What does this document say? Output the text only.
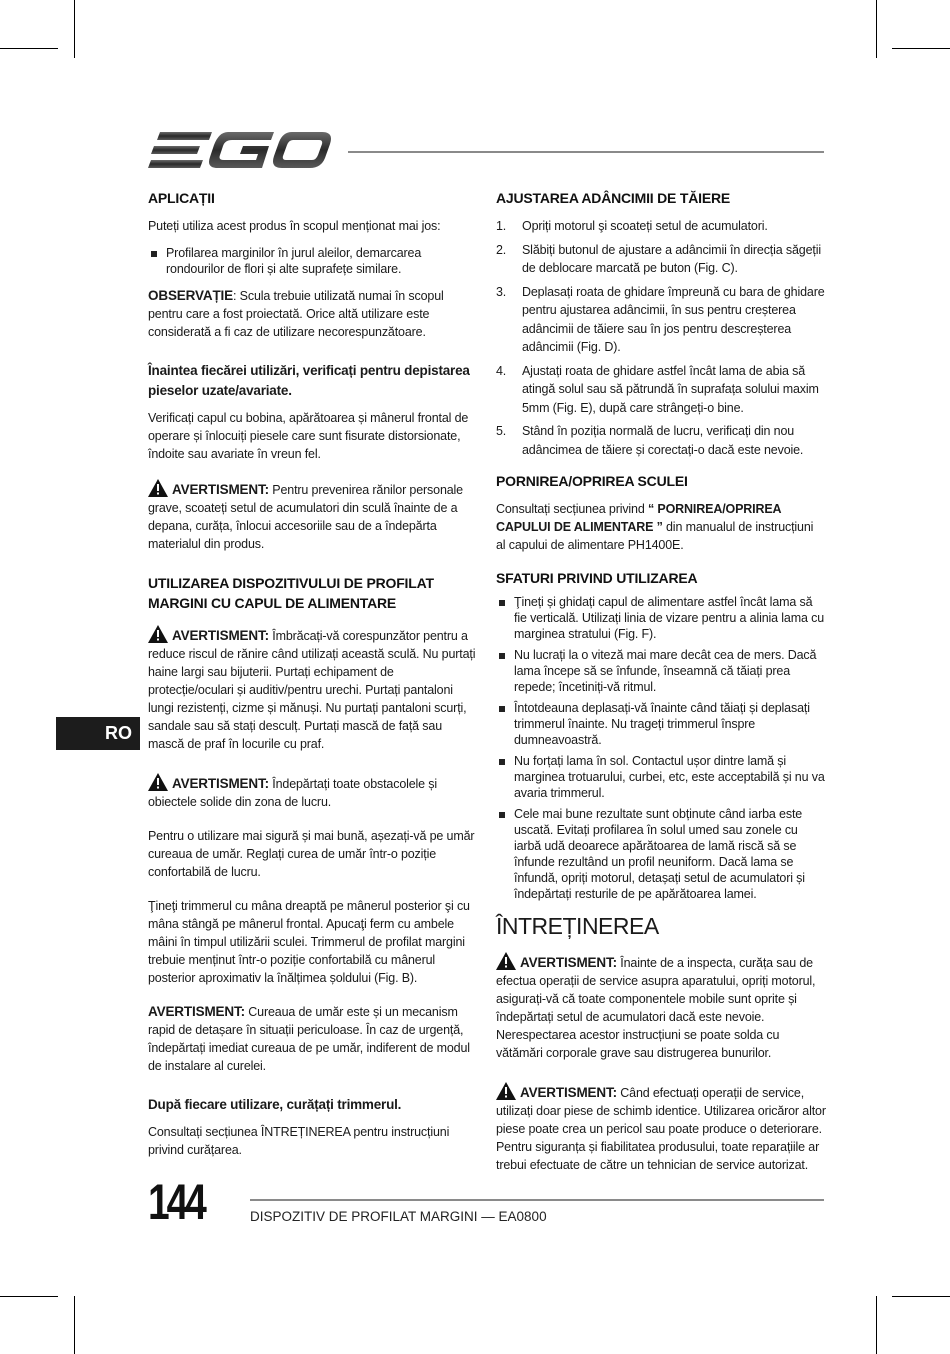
APLICAȚII

Puteți utiliza acest produs în scopul menționat mai jos:

Profilarea marginilor în jurul aleilor, demarcarea rondourilor de flori și alte suprafețe similare.

OBSERVAȚIE: Scula trebuie utilizată numai în scopul pentru care a fost proiectată. Orice altă utilizare este considerată a fi caz de utilizare necorespunzătoare.

Înaintea fiecărei utilizări, verificați pentru depistarea pieselor uzate/avariate.

Verificați capul cu bobina, apărătoarea și mânerul frontal de operare și înlocuiți piesele care sunt fisurate distorsionate, îndoite sau avariate în vreun fel.

AVERTISMENT: Pentru prevenirea rănilor personale grave, scoateți setul de acumulatori din sculă înainte de a depana, curăța, înlocui accesoriile sau de a îndepărta materialul din produs.

UTILIZAREA DISPOZITIVULUI DE PROFILAT MARGINI CU CAPUL DE ALIMENTARE

AVERTISMENT: Îmbrăcați-vă corespunzător pentru a reduce riscul de rănire când utilizați această sculă. Nu purtați haine largi sau bijuterii. Purtați echipament de protecție/oculari și auditiv/pentru urechi. Purtați pantaloni lungi rezistenți, cizme și mănuși. Nu purtați pantaloni scurți, sandale sau să stați desculț. Purtați mască de față sau mască de praf în locurile cu praf.

AVERTISMENT: Îndepărtați toate obstacolele și obiectele solide din zona de lucru.

Pentru o utilizare mai sigură și mai bună, așezați-vă pe umăr cureaua de umăr. Reglați curea de umăr într-o poziție confortabilă de lucru.

Ţineţi trimmerul cu mâna dreaptă pe mânerul posterior şi cu mâna stângă pe mânerul frontal. Apucaţi ferm cu ambele mâini în timpul utilizării sculei. Trimmerul de profilat margini trebuie menținut într-o poziție confortabilă cu mânerul posterior aproximativ la înălțimea șoldului (Fig. B).

AVERTISMENT: Cureaua de umăr este și un mecanism rapid de detașare în situații periculoase. În caz de urgență, îndepărtați imediat cureaua de pe umăr, indiferent de modul de instalare al curelei.

După fiecare utilizare, curățați trimmerul.

Consultați secțiunea ÎNTREȚINEREA pentru instrucțiuni privind curățarea.

AJUSTAREA ADÂNCIMII DE TĂIERE
1. Opriți motorul şi scoateți setul de acumulatori.
2. Slăbiți butonul de ajustare a adâncimii în direcția săgeții de deblocare marcată pe buton (Fig. C).
3. Deplasați roata de ghidare împreună cu bara de ghidare pentru ajustarea adâncimii, în sus pentru creșterea adâncimii de tăiere sau în jos pentru descreșterea adâncimii (Fig. D).
4. Ajustați roata de ghidare astfel încât lama de abia să atingă solul sau să pătrundă în suprafața solului maxim 5mm (Fig. E), după care strângeți-o bine.
5. Stând în poziția normală de lucru, verificați din nou adâncimea de tăiere și corectați-o dacă este nevoie.
PORNIREA/OPRIREA SCULEI

Consultați secțiunea privind “ PORNIREA/OPRIREA CAPULUI DE ALIMENTARE ” din manualul de instrucțiuni al capului de alimentare PH1400E.

SFATURI PRIVIND UTILIZAREA
Ţineți și ghidați capul de alimentare astfel încât lama să fie verticală. Utilizați linia de vizare pentru a alinia lama cu marginea stratului (Fig. F).
Nu lucrați la o viteză mai mare decât cea de mers. Dacă lama începe să se înfunde, înseamnă că tăiați prea repede; încetiniți-vă ritmul.
Întotdeauna deplasați-vă înainte când tăiați și deplasați trimmerul înainte. Nu trageți trimmerul înspre dumneavoastră.
Nu forțați lama în sol. Contactul ușor dintre lamă și marginea trotuarului, curbei, etc, este acceptabilă și nu va avaria trimmerul.
Cele mai bune rezultate sunt obținute când iarba este uscată. Evitați profilarea în solul umed sau zonele cu iarbă udă deoarece apărătoarea de lamă riscă să se înfunde rezultând un profil neuniform. Dacă lama se înfundă, opriți motorul, detașați setul de acumulatori și îndepărtați resturile de pe apărătoarea lamei.
ÎNTREȚINEREA

AVERTISMENT: Înainte de a inspecta, curăța sau de efectua operații de service asupra aparatului, opriți motorul, asigurați-vă că toate componentele mobile sunt oprite și îndepărtați setul de acumulatori dacă este nevoie. Nerespectarea acestor instrucțiuni se poate solda cu vătămări corporale grave sau distrugerea bunurilor.

AVERTISMENT: Când efectuați operații de service, utilizați doar piese de schimb identice. Utilizarea oricăror altor piese poate crea un pericol sau poate produce o deteriorare. Pentru siguranța și fiabilitatea produsului, toate reparațiile ar trebui efectuate de către un tehnician de service autorizat.

RO
144	DISPOZITIV DE PROFILAT MARGINI — EA0800
